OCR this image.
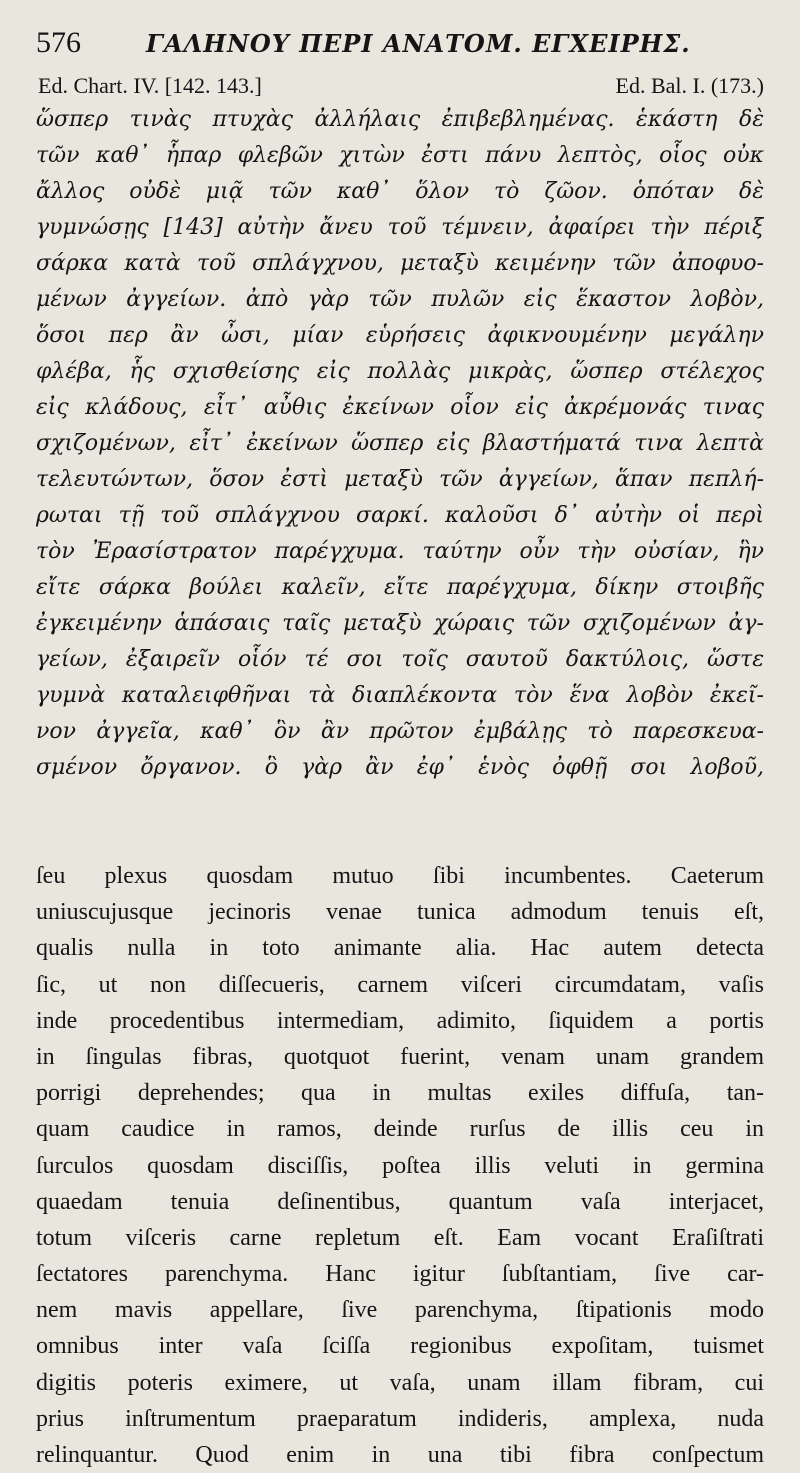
576	ΓΑΛΗΝΟΥ ΠΕΡΙ ΑΝΑΤΟΜ. ΕΓΧΕΙΡΗΣ.
Ed. Chart. IV. [142. 143.]	Ed. Bal. I. (173.)
ὥσπερ τινὰς πτυχὰς ἀλλήλαις ἐπιβεβλημένας. ἑκάστη δὲ
τῶν καθ᾽ ἧπαρ φλεβῶν χιτὼν ἐστι πάνυ λεπτὸς, οἷος οὐκ
ἄλλος οὐδὲ μιᾷ τῶν καθ᾽ ὅλον τὸ ζῶον. ὁπόταν δὲ
γυμνώσῃς [143] αὐτὴν ἄνευ τοῦ τέμνειν, ἀφαίρει τὴν πέριξ
σάρκα κατὰ τοῦ σπλάγχνου, μεταξὺ κειμένην τῶν ἀποφυο-
μένων ἀγγείων. ἀπὸ γὰρ τῶν πυλῶν εἰς ἕκαστον λοβὸν,
ὅσοι περ ἂν ὦσι, μίαν εὑρήσεις ἀφικνουμένην μεγάλην
φλέβα, ἧς σχισθείσης εἰς πολλὰς μικρὰς, ὥσπερ στέλεχος
εἰς κλάδους, εἶτ᾽ αὖθις ἐκείνων οἷον εἰς ἀκρέμονάς τινας
σχιζομένων, εἶτ᾽ ἐκείνων ὥσπερ εἰς βλαστήματά τινα λεπτὰ
τελευτώντων, ὅσον ἐστὶ μεταξὺ τῶν ἀγγείων, ἅπαν πεπλή-
ρωται τῇ τοῦ σπλάγχνου σαρκί. καλοῦσι δ᾽ αὐτὴν οἱ περὶ
τὸν Ἐρασίστρατον παρέγχυμα. ταύτην οὖν τὴν οὐσίαν, ἣν
εἴτε σάρκα βούλει καλεῖν, εἴτε παρέγχυμα, δίκην στοιβῆς
ἐγκειμένην ἁπάσαις ταῖς μεταξὺ χώραις τῶν σχιζομένων ἀγ-
γείων, ἐξαιρεῖν οἷόν τέ σοι τοῖς σαυτοῦ δακτύλοις, ὥστε
γυμνὰ καταλειφθῆναι τὰ διαπλέκοντα τὸν ἕνα λοβὸν ἐκεῖ-
νον ἀγγεῖα, καθ᾽ ὃν ἂν πρῶτον ἐμβάλῃς τὸ παρεσκευα-
σμένον ὄργανον. ὃ γὰρ ἂν ἐφ᾽ ἑνὸς ὀφθῇ σοι λοβοῦ,
ſeu plexus quosdam mutuo ſibi incumbentes. Caeterum
uniuscujusque jecinoris venae tunica admodum tenuis eſt,
qualis nulla in toto animante alia. Hac autem detecta
ſic, ut non diſſecueris, carnem viſceri circumdatam, vaſis
inde procedentibus intermediam, adimito, ſiquidem a portis
in ſingulas fibras, quotquot fuerint, venam unam grandem
porrigi deprehendes; qua in multas exiles diffuſa, tan-
quam caudice in ramos, deinde rurſus de illis ceu in
ſurculos quosdam disciſſis, poſtea illis veluti in germina
quaedam tenuia deſinentibus, quantum vaſa interjacet,
totum viſceris carne repletum eſt. Eam vocant Eraſiſtrati
ſectatores parenchyma. Hanc igitur ſubſtantiam, ſive car-
nem mavis appellare, ſive parenchyma, ſtipationis modo
omnibus inter vaſa ſciſſa regionibus expoſitam, tuismet
digitis poteris eximere, ut vaſa, unam illam fibram, cui
prius inſtrumentum praeparatum indideris, amplexa, nuda
relinquantur. Quod enim in una tibi fibra conſpectum
